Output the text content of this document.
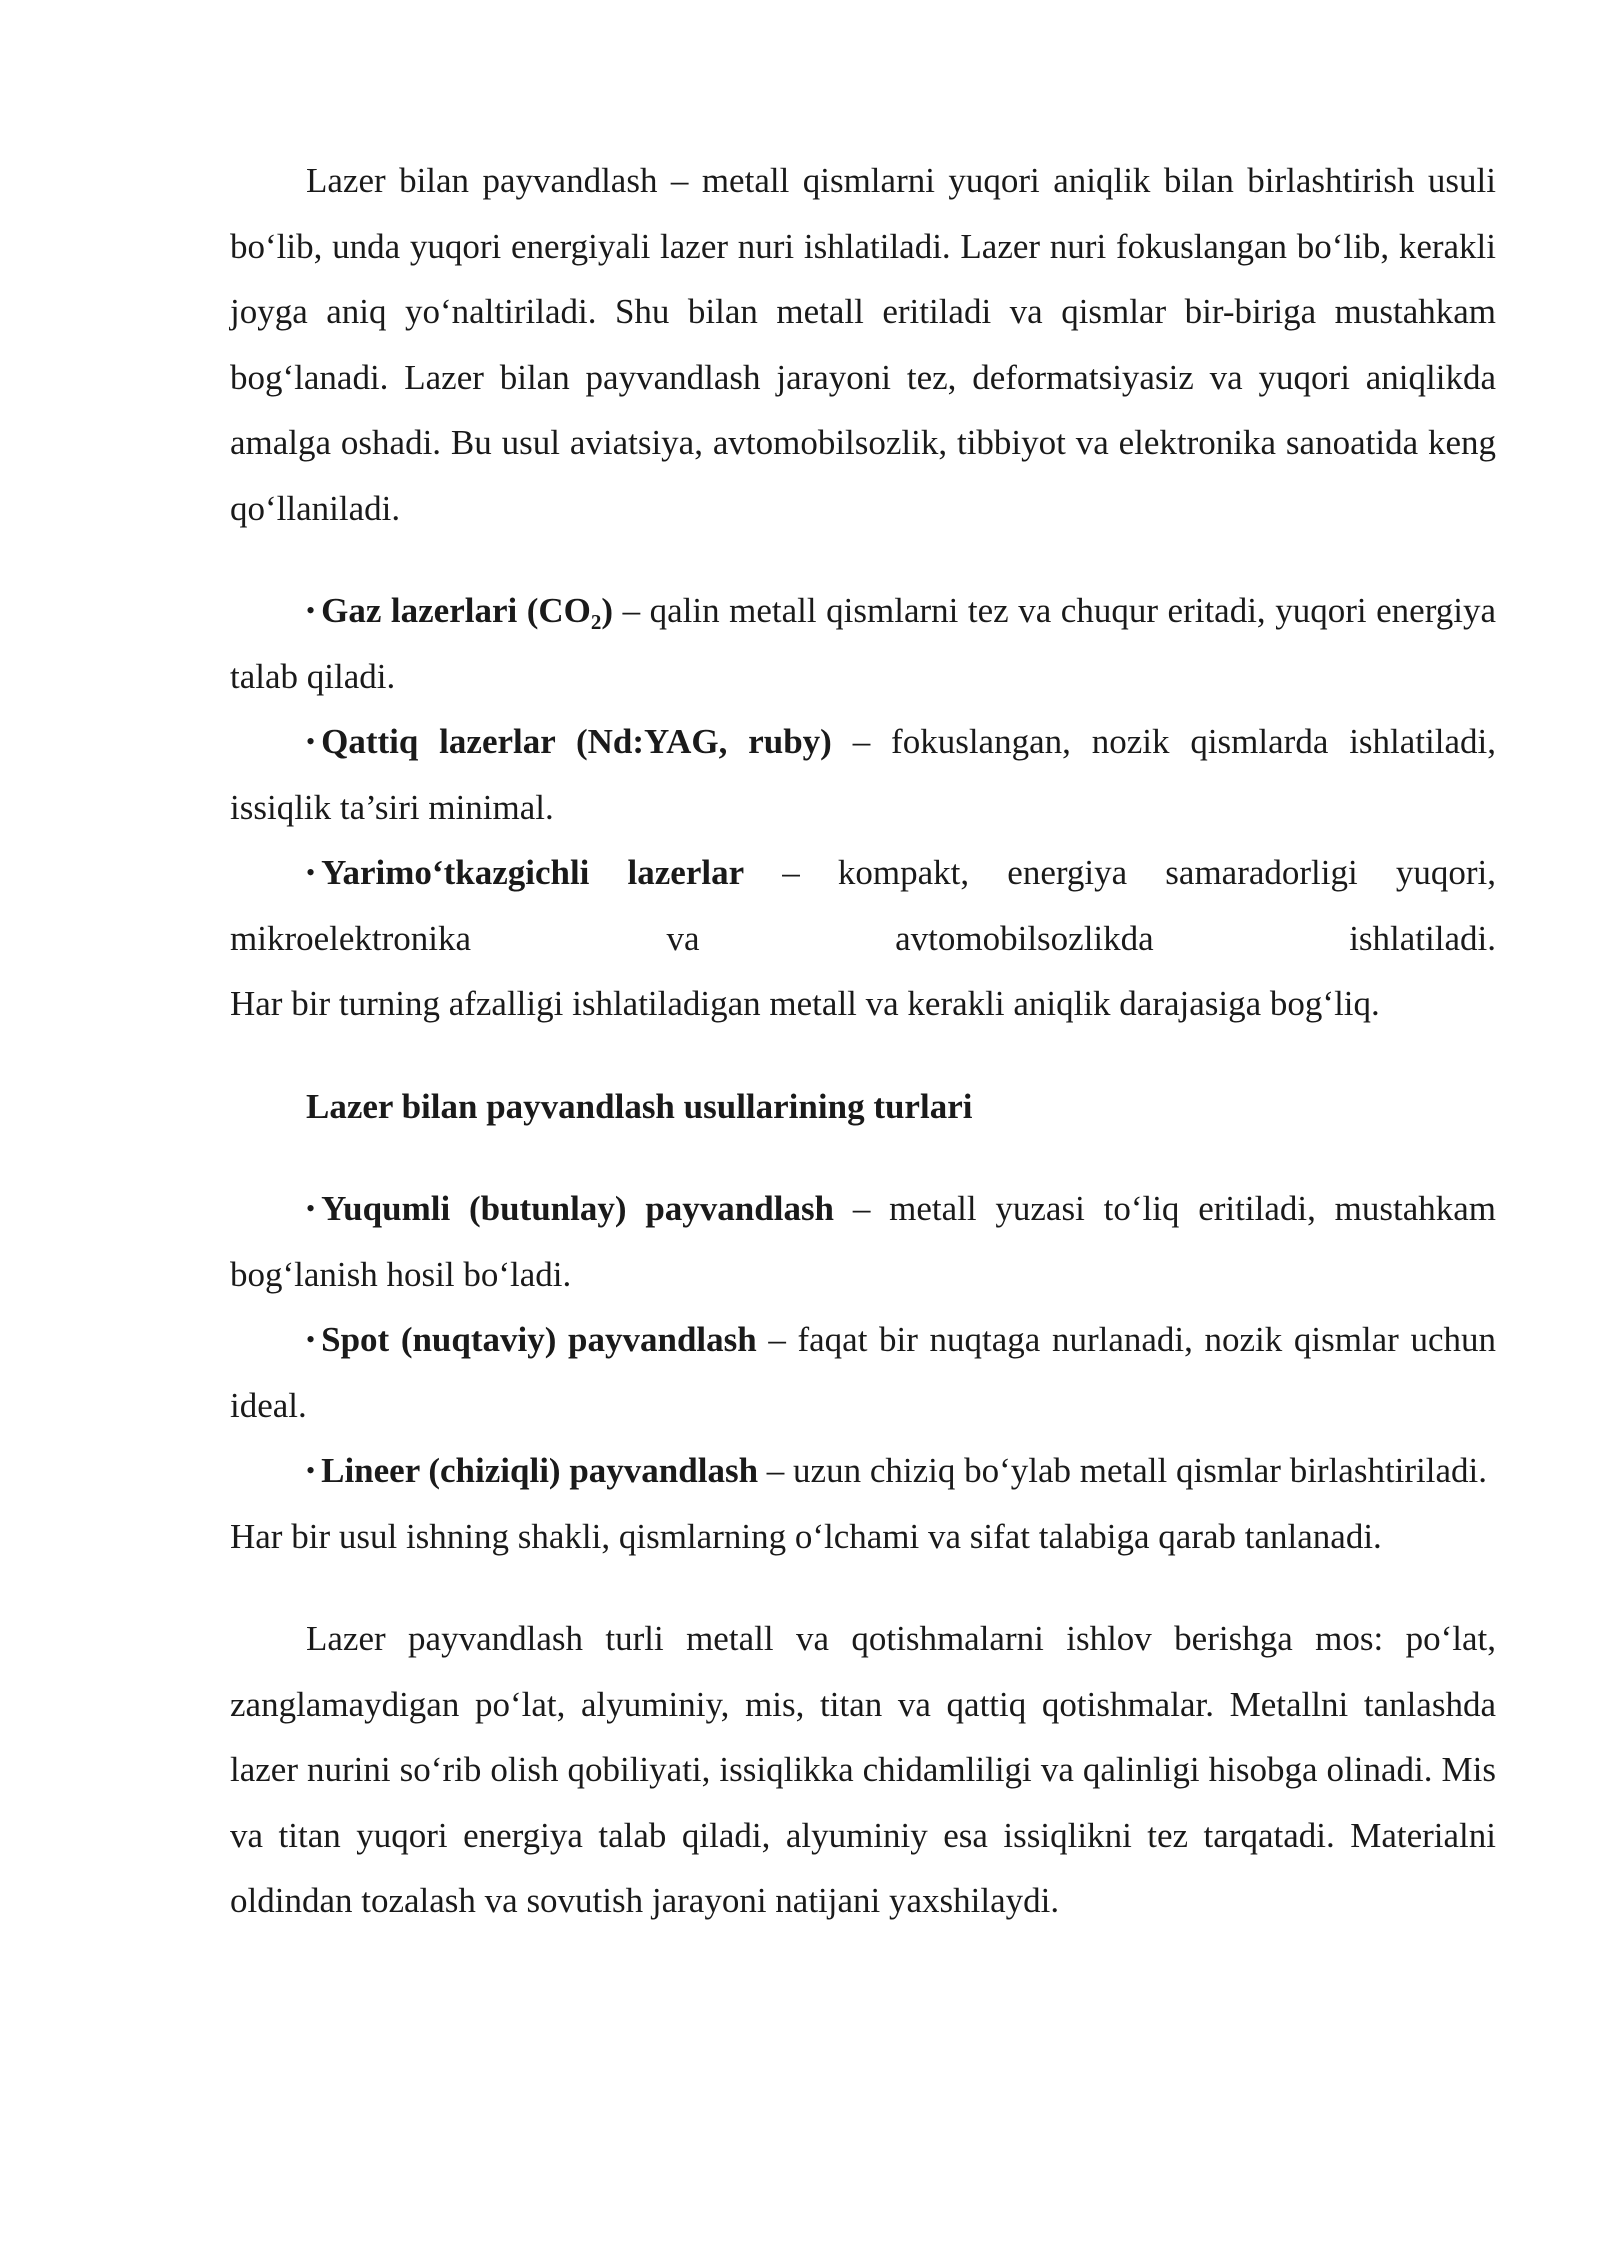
Lazer bilan payvandlash – metall qismlarni yuqori aniqlik bilan birlashtirish usuli bo‘lib, unda yuqori energiyali lazer nuri ishlatiladi. Lazer nuri fokuslangan bo‘lib, kerakli joyga aniq yo‘naltiriladi. Shu bilan metall eritiladi va qismlar bir-biriga mustahkam bog‘lanadi. Lazer bilan payvandlash jarayoni tez, deformatsiyasiz va yuqori aniqlikda amalga oshadi. Bu usul aviatsiya, avtomobilsozlik, tibbiyot va elektronika sanoatida keng qo‘llaniladi.

• Gaz lazerlari (CO₂) – qalin metall qismlarni tez va chuqur eritadi, yuqori energiya talab qiladi.

• Qattiq lazerlar (Nd:YAG, ruby) – fokuslangan, nozik qismlarda ishlatiladi, issiqlik ta’siri minimal.

• Yarimo‘tkazgichli lazerlar – kompakt, energiya samaradorligi yuqori, mikroelektronika va avtomobilsozlikda ishlatiladi.

Har bir turning afzalligi ishlatiladigan metall va kerakli aniqlik darajasiga bog‘liq.

Lazer bilan payvandlash usullarining turlari

• Yuqumli (butunlay) payvandlash – metall yuzasi to‘liq eritiladi, mustahkam bog‘lanish hosil bo‘ladi.

• Spot (nuqtaviy) payvandlash – faqat bir nuqtaga nurlanadi, nozik qismlar uchun ideal.

• Lineer (chiziqli) payvandlash – uzun chiziq bo‘ylab metall qismlar birlashtiriladi.

Har bir usul ishning shakli, qismlarning o‘lchami va sifat talabiga qarab tanlanadi.

Lazer payvandlash turli metall va qotishmalarni ishlov berishga mos: po‘lat, zanglamaydigan po‘lat, alyuminiy, mis, titan va qattiq qotishmalar. Metallni tanlashda lazer nurini so‘rib olish qobiliyati, issiqlikka chidamliligi va qalinligi hisobga olinadi. Mis va titan yuqori energiya talab qiladi, alyuminiy esa issiqlikni tez tarqatadi. Materialni oldindan tozalash va sovutish jarayoni natijani yaxshilaydi.
